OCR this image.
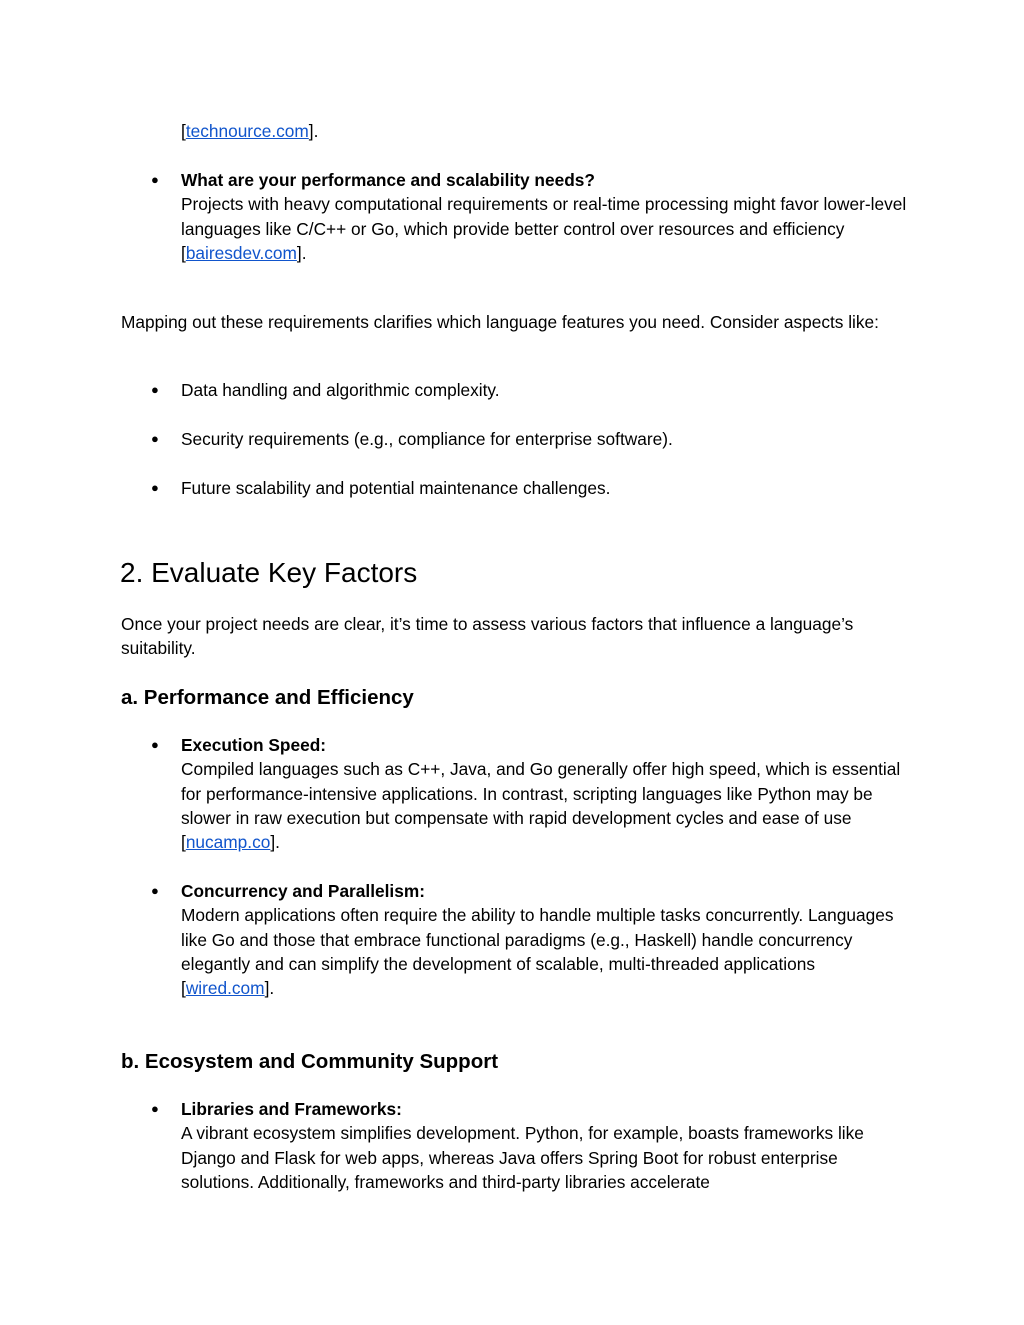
[technource.com].
●	What are your performance and scalability needs?
Projects with heavy computational requirements or real‑time processing might favor lower‑level languages like C/C++ or Go, which provide better control over resources and efficiency [bairesdev.com].
Mapping out these requirements clarifies which language features you need. Consider aspects like:
●	Data handling and algorithmic complexity.
●	Security requirements (e.g., compliance for enterprise software).
●	Future scalability and potential maintenance challenges.
2. Evaluate Key Factors
Once your project needs are clear, it’s time to assess various factors that influence a language’s suitability.
a. Performance and Efficiency
●	Execution Speed:
Compiled languages such as C++, Java, and Go generally offer high speed, which is essential for performance‑intensive applications. In contrast, scripting languages like Python may be slower in raw execution but compensate with rapid development cycles and ease of use [nucamp.co].
●	Concurrency and Parallelism:
Modern applications often require the ability to handle multiple tasks concurrently. Languages like Go and those that embrace functional paradigms (e.g., Haskell) handle concurrency elegantly and can simplify the development of scalable, multi-threaded applications [wired.com].
b. Ecosystem and Community Support
●	Libraries and Frameworks:
A vibrant ecosystem simplifies development. Python, for example, boasts frameworks like Django and Flask for web apps, whereas Java offers Spring Boot for robust enterprise solutions. Additionally, frameworks and third-party libraries accelerate
